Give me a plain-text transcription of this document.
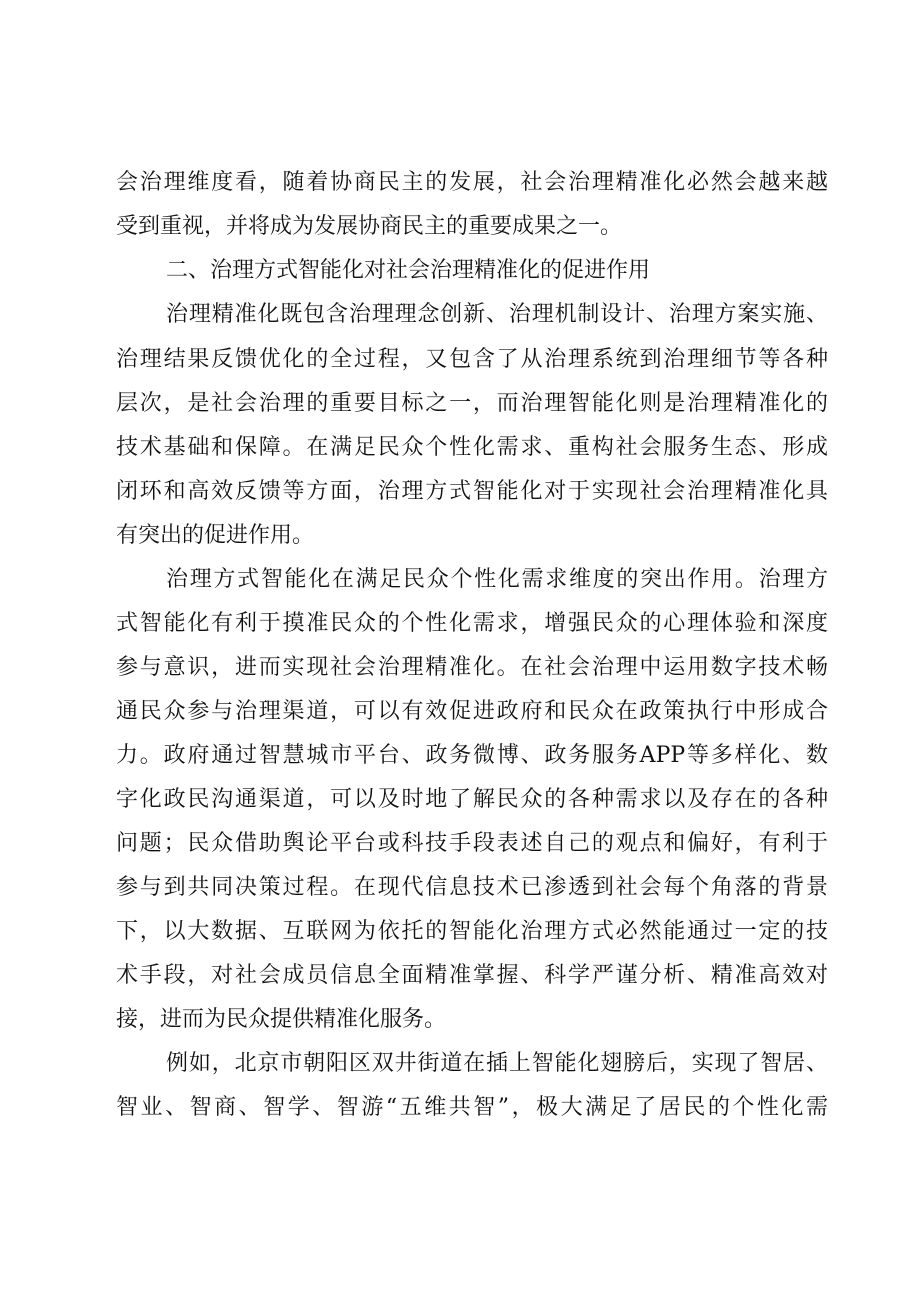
会治理维度看，随着协商民主的发展，社会治理精准化必然会越来越
受到重视，并将成为发展协商民主的重要成果之一。
二、治理方式智能化对社会治理精准化的促进作用
治理精准化既包含治理理念创新、治理机制设计、治理方案实施、
治理结果反馈优化的全过程，又包含了从治理系统到治理细节等各种
层次，是社会治理的重要目标之一，而治理智能化则是治理精准化的
技术基础和保障。在满足民众个性化需求、重构社会服务生态、形成
闭环和高效反馈等方面，治理方式智能化对于实现社会治理精准化具
有突出的促进作用。
治理方式智能化在满足民众个性化需求维度的突出作用。治理方
式智能化有利于摸准民众的个性化需求，增强民众的心理体验和深度
参与意识，进而实现社会治理精准化。在社会治理中运用数字技术畅
通民众参与治理渠道，可以有效促进政府和民众在政策执行中形成合
力。政府通过智慧城市平台、政务微博、政务服务APP等多样化、数
字化政民沟通渠道，可以及时地了解民众的各种需求以及存在的各种
问题；民众借助舆论平台或科技手段表述自己的观点和偏好，有利于
参与到共同决策过程。在现代信息技术已渗透到社会每个角落的背景
下，以大数据、互联网为依托的智能化治理方式必然能通过一定的技
术手段，对社会成员信息全面精准掌握、科学严谨分析、精准高效对
接，进而为民众提供精准化服务。
例如，北京市朝阳区双井街道在插上智能化翅膀后，实现了智居、
智业、智商、智学、智游“五维共智”，极大满足了居民的个性化需
